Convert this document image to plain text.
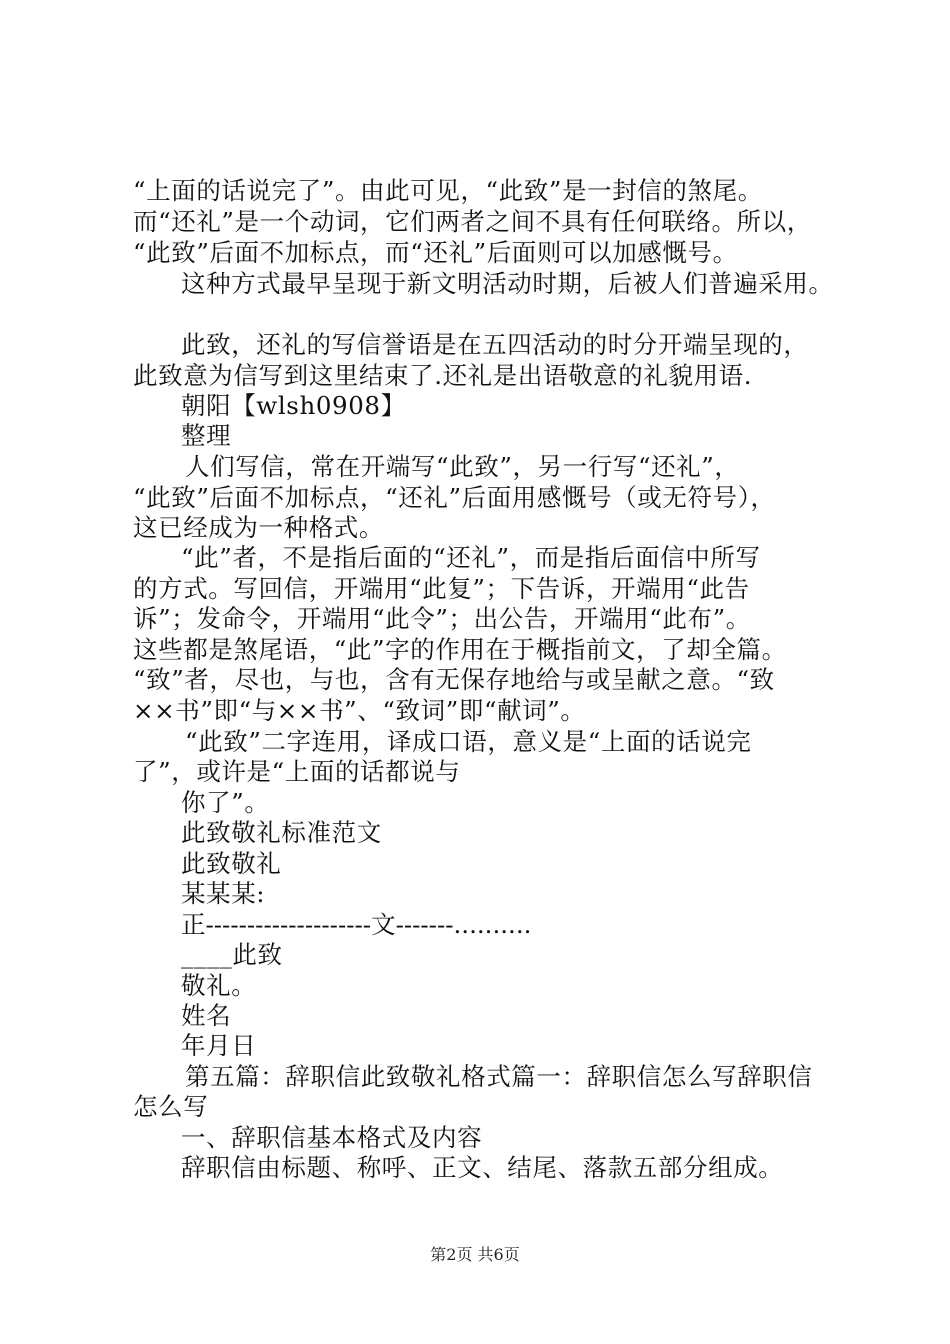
“上面的话说完了”。由此可见，“此致”是一封信的煞尾。
而“还礼”是一个动词，它们两者之间不具有任何联络。所以，
“此致”后面不加标点，而“还礼”后面则可以加感慨号。
这种方式最早呈现于新文明活动时期，后被人们普遍采用。
此致，还礼的写信誉语是在五四活动的时分开端呈现的，
此致意为信写到这里结束了.还礼是出语敬意的礼貌用语.
朝阳【wlsh0908】
整理
人们写信，常在开端写“此致”，另一行写“还礼”，
“此致”后面不加标点，“还礼”后面用感慨号（或无符号），
这已经成为一种格式。
“此”者，不是指后面的“还礼”，而是指后面信中所写
的方式。写回信，开端用“此复”；下告诉，开端用“此告
诉”；发命令，开端用“此令”；出公告，开端用“此布”。
这些都是煞尾语，“此”字的作用在于概指前文，了却全篇。
“致”者，尽也，与也，含有无保存地给与或呈献之意。“致
××书”即“与××书”、“致词”即“献词”。
“此致”二字连用，译成口语，意义是“上面的话说完
了”，或许是“上面的话都说与
你了”。
此致敬礼标准范文
此致敬礼
某某某:
正--------------------文-------..........
____此致
敬礼。
姓名
年月日
第五篇：辞职信此致敬礼格式篇一：辞职信怎么写辞职信
怎么写
一、辞职信基本格式及内容
辞职信由标题、称呼、正文、结尾、落款五部分组成。
第2页 共6页
